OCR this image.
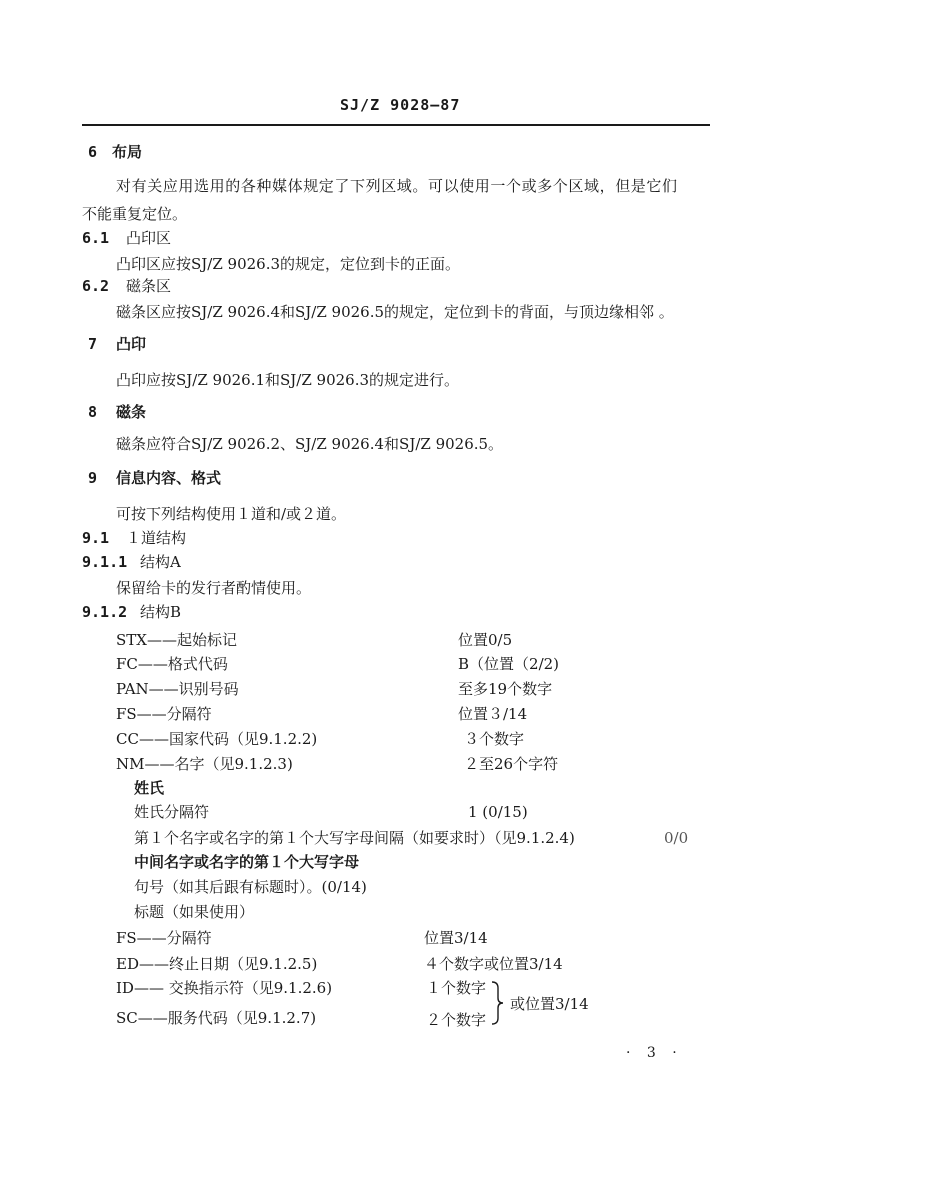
SJ/Z 9028—87
6 布局
对有关应用选用的各种媒体规定了下列区域。可以使用一个或多个区域，但是它们
不能重复定位。
6.1 凸印区
凸印区应按SJ/Z 9026.3的规定，定位到卡的正面。
6.2 磁条区
磁条区应按SJ/Z 9026.4和SJ/Z 9026.5的规定，定位到卡的背面，与顶边缘相邻 。
7 凸印
凸印应按SJ/Z 9026.1和SJ/Z 9026.3的规定进行。
8 磁条
磁条应符合SJ/Z 9026.2、SJ/Z 9026.4和SJ/Z 9026.5。
9 信息内容、格式
可按下列结构使用１道和/或２道。
9.1 １道结构
9.1.1 结构A
保留给卡的发行者酌情使用。
9.1.2 结构B
STX——起始标记	位置0/5
FC——格式代码	B（位置（2/2)
PAN——识别号码	至多19个数字
FS——分隔符	位置３/14
CC——国家代码（见9.1.2.2)	３个数字
NM——名字（见9.1.2.3)	２至26个字符
姓氏
姓氏分隔符	1 (0/15)
第１个名字或名字的第１个大写字母间隔（如要求时）（见9.1.2.4)	0/0
中间名字或名字的第１个大写字母
句号（如其后跟有标题时）。(0/14)
标题（如果使用）
FS——分隔符	位置3/14
ED——终止日期（见9.1.2.5)	４个数字或位置3/14
ID—— 交换指示符（见9.1.2.6)	１个数字
SC——服务代码（见9.1.2.7)	２个数字
或位置3/14
· 3 ·
